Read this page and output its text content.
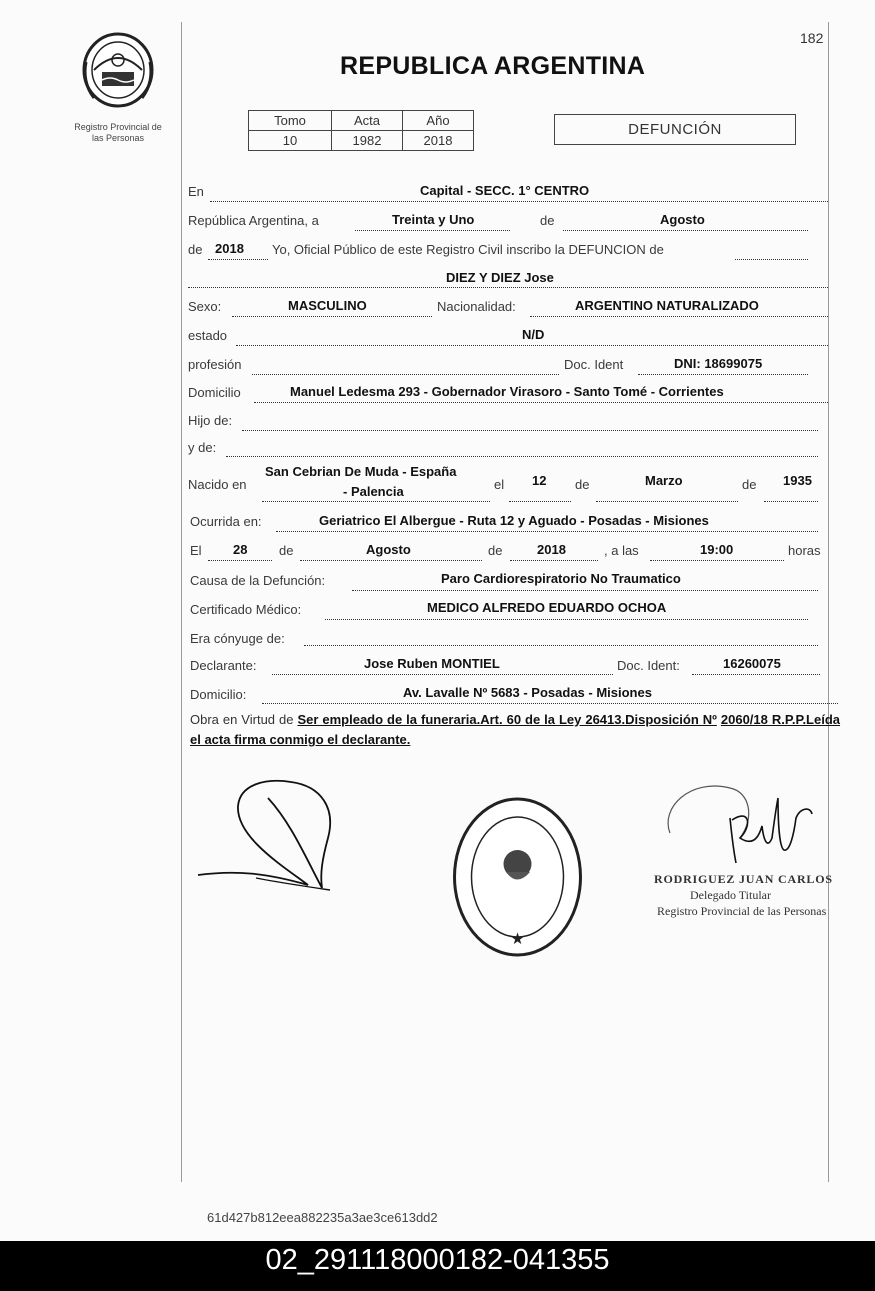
182
Registro Provincial de
las Personas
REPUBLICA ARGENTINA
Tomo	Acta	Año
10	1982	2018
DEFUNCIÓN
En	Capital - SECC. 1° CENTRO
República Argentina, a	Treinta y Uno	de	Agosto
de 2018 Yo, Oficial Público de este Registro Civil inscribo la DEFUNCION de
DIEZ Y DIEZ Jose
Sexo:	MASCULINO	Nacionalidad:	ARGENTINO NATURALIZADO
estado	N/D
profesión	Doc. Ident	DNI: 18699075
Domicilio	Manuel Ledesma 293 - Gobernador Virasoro - Santo Tomé - Corrientes
Hijo de:
y de:
Nacido en
San Cebrian De Muda - España
- Palencia	el 12 de	Marzo	de 1935
Ocurrida en:	Geriatrico El Albergue - Ruta 12 y Aguado - Posadas - Misiones
El 28 de	Agosto	de	2018	, a las	19:00	horas
Causa de la Defunción:	Paro Cardiorespiratorio No Traumatico
Certificado Médico:	MEDICO ALFREDO EDUARDO OCHOA
Era cónyuge de:
Declarante:	Jose Ruben MONTIEL	Doc. Ident:	16260075
Domicilio:	Av. Lavalle Nº 5683 - Posadas - Misiones
Obra en Virtud de Ser empleado de la funeraria.Art. 60 de la Ley 26413.Disposición Nº 2060/18 R.P.P.Leída el acta firma conmigo el declarante.
★
RODRIGUEZ JUAN CARLOS
Delegado Titular
Registro Provincial de las Personas
61d427b812eea882235a3ae3ce613dd2
02_291118000182-041355
